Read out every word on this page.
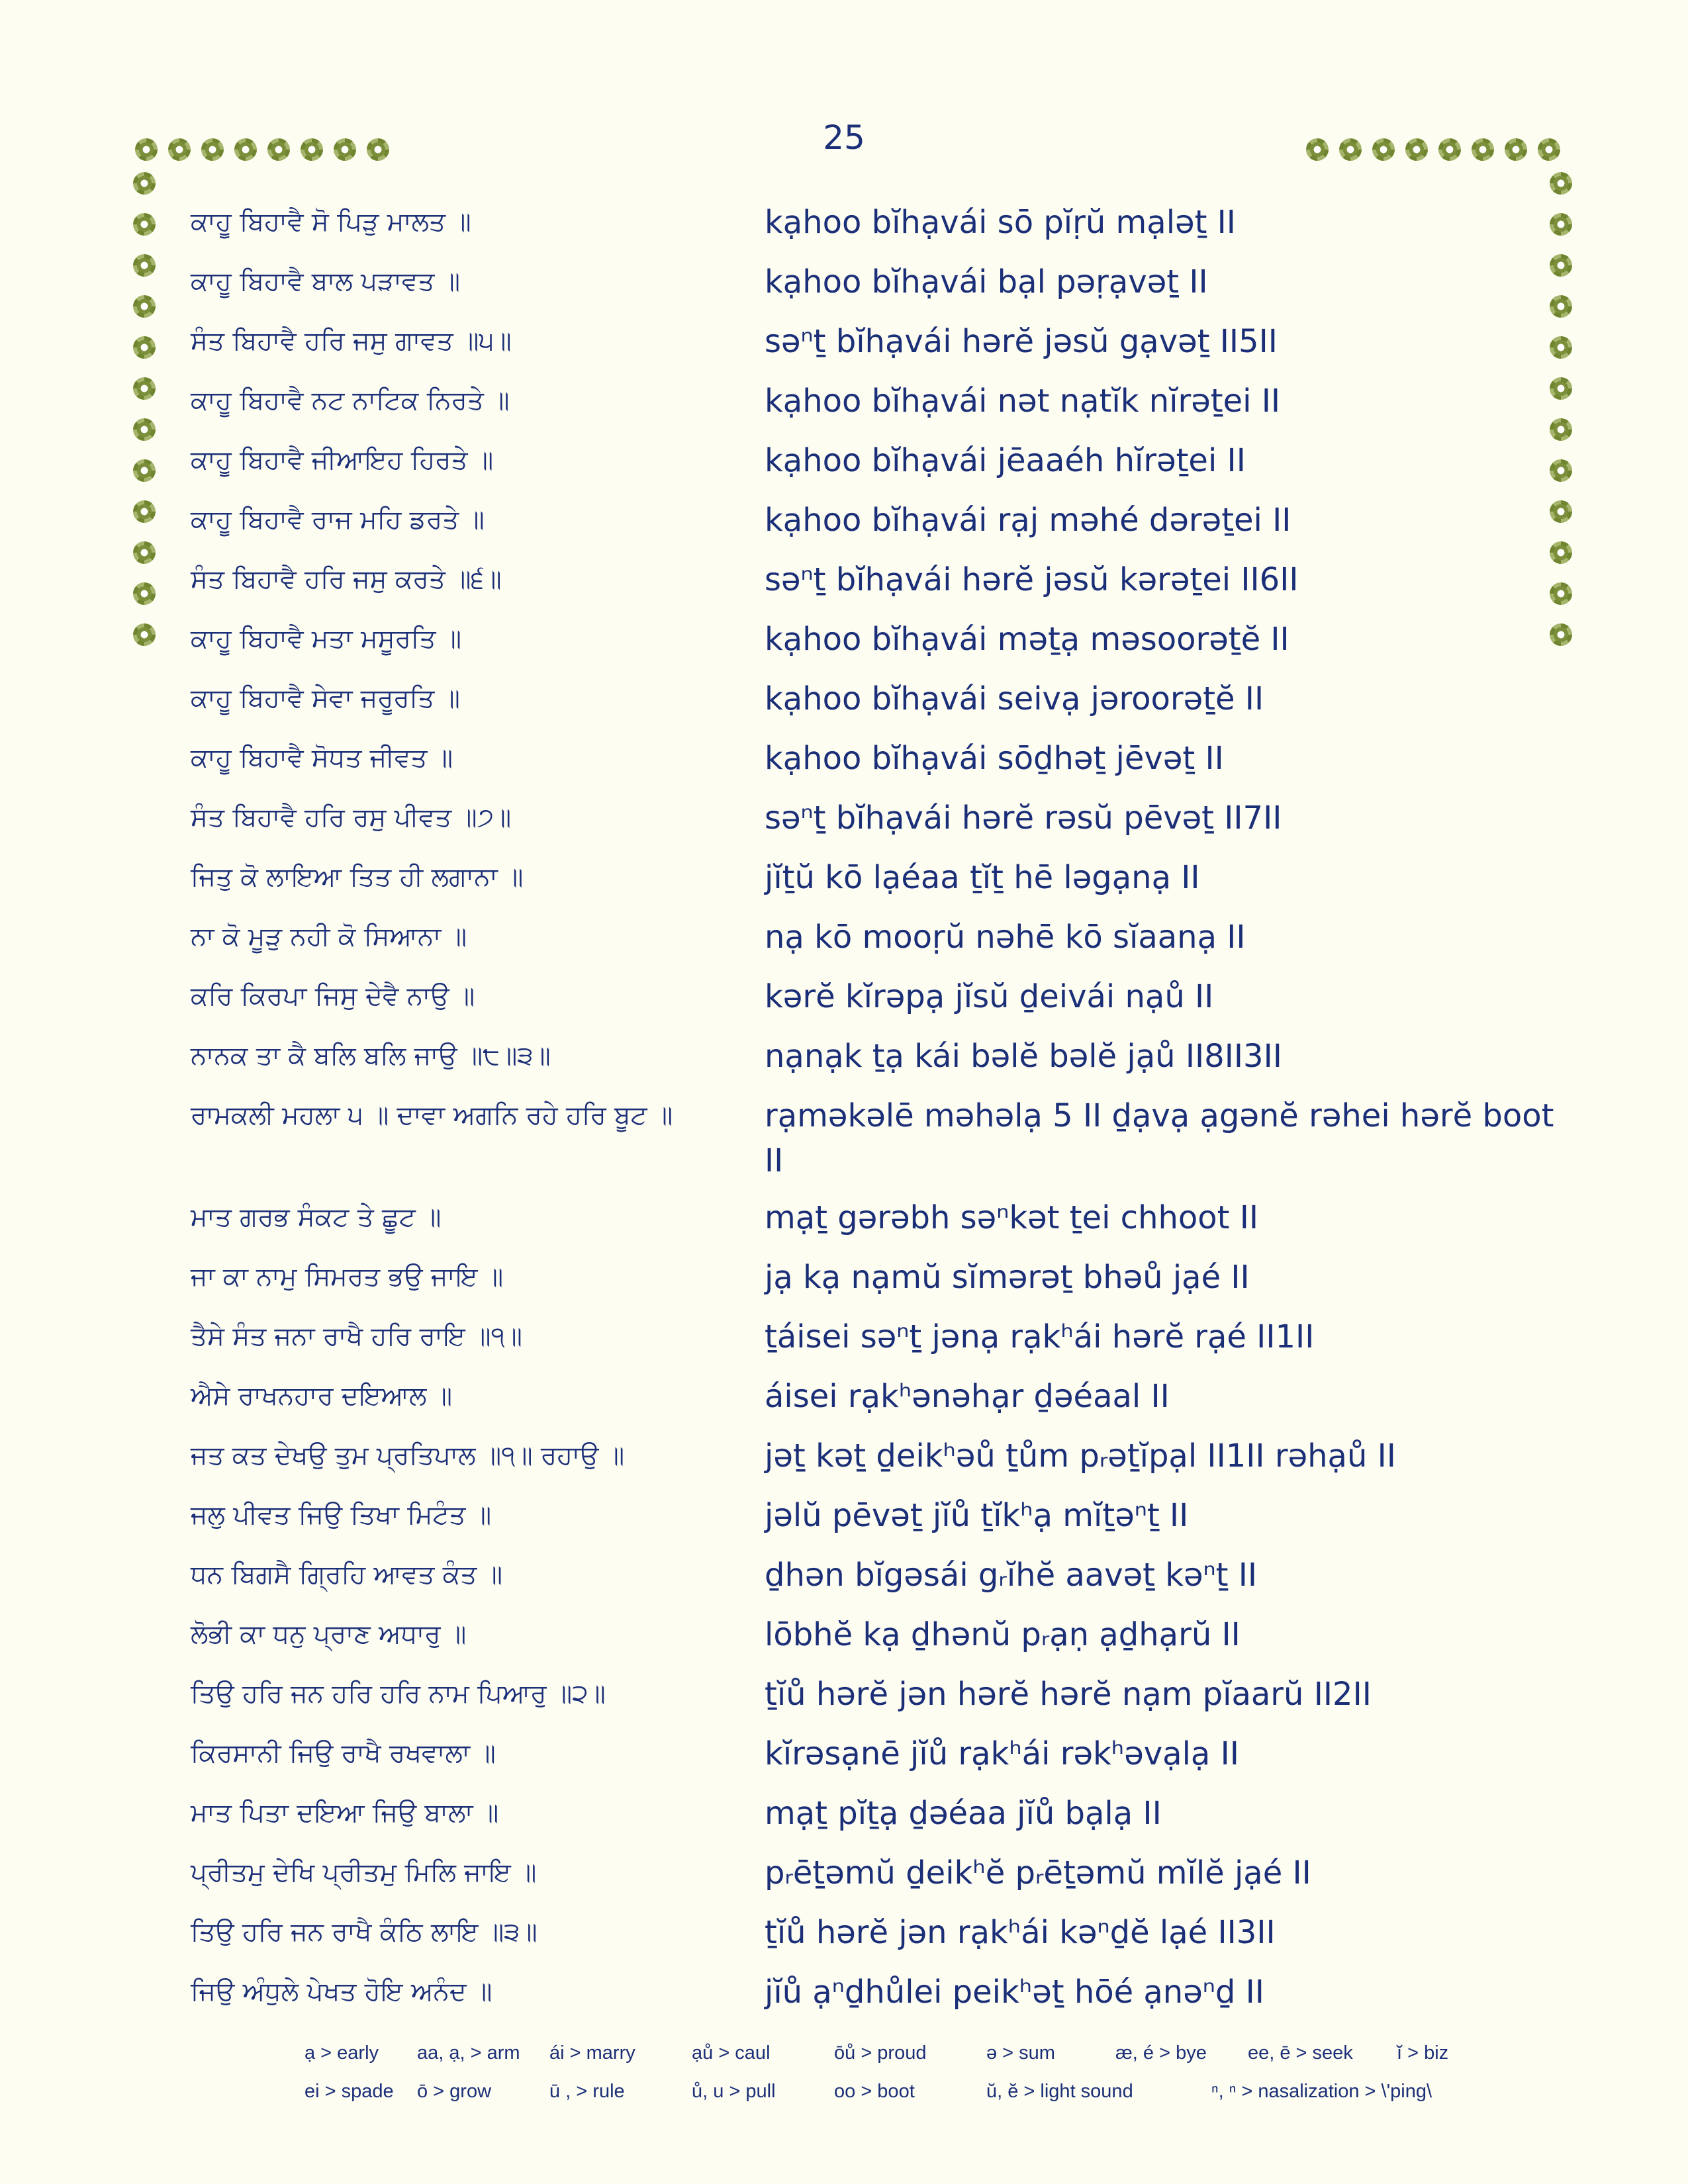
25
ਕਾਹੂ ਬਿਹਾਵੈ ਸੋ ਪਿੜੁ ਮਾਲਤ ॥	kạhoo bĭhạvái sō pĭṛŭ mạləṯ II
ਕਾਹੂ ਬਿਹਾਵੈ ਬਾਲ ਪੜਾਵਤ ॥	kạhoo bĭhạvái bạl pəṛạvəṯ II
ਸੰਤ ਬਿਹਾਵੈ ਹਰਿ ਜਸੁ ਗਾਵਤ ॥੫॥	səⁿṯ bĭhạvái hərĕ jəsŭ gạvəṯ II5II
ਕਾਹੂ ਬਿਹਾਵੈ ਨਟ ਨਾਟਿਕ ਨਿਰਤੇ ॥	kạhoo bĭhạvái nət nạtĭk nĭrəṯei II
ਕਾਹੂ ਬਿਹਾਵੈ ਜੀਆਇਹ ਹਿਰਤੇ ॥	kạhoo bĭhạvái jēaaéh hĭrəṯei II
ਕਾਹੂ ਬਿਹਾਵੈ ਰਾਜ ਮਹਿ ਡਰਤੇ ॥	kạhoo bĭhạvái rạj məhé dərəṯei II
ਸੰਤ ਬਿਹਾਵੈ ਹਰਿ ਜਸੁ ਕਰਤੇ ॥੬॥	səⁿṯ bĭhạvái hərĕ jəsŭ kərəṯei II6II
ਕਾਹੂ ਬਿਹਾਵੈ ਮਤਾ ਮਸੂਰਤਿ ॥	kạhoo bĭhạvái məṯạ məsoorəṯĕ II
ਕਾਹੂ ਬਿਹਾਵੈ ਸੇਵਾ ਜਰੂਰਤਿ ॥	kạhoo bĭhạvái seivạ jəroorəṯĕ II
ਕਾਹੂ ਬਿਹਾਵੈ ਸੋਧਤ ਜੀਵਤ ॥	kạhoo bĭhạvái sōḏhəṯ jēvəṯ II
ਸੰਤ ਬਿਹਾਵੈ ਹਰਿ ਰਸੁ ਪੀਵਤ ॥੭॥	səⁿṯ bĭhạvái hərĕ rəsŭ pēvəṯ II7II
ਜਿਤੁ ਕੋ ਲਾਇਆ ਤਿਤ ਹੀ ਲਗਾਨਾ ॥	jĭṯŭ kō lạéaa ṯĭṯ hē ləgạnạ II
ਨਾ ਕੋ ਮੂੜੁ ਨਹੀ ਕੋ ਸਿਆਨਾ ॥	nạ kō mooṛŭ nəhē kō sĭaanạ II
ਕਰਿ ਕਿਰਪਾ ਜਿਸੁ ਦੇਵੈ ਨਾਉ ॥	kərĕ kĭrəpạ jĭsŭ ḏeivái nạů II
ਨਾਨਕ ਤਾ ਕੈ ਬਲਿ ਬਲਿ ਜਾਉ ॥੮॥੩॥	nạnạk ṯạ kái bəlĕ bəlĕ jạů II8II3II
ਰਾਮਕਲੀ ਮਹਲਾ ੫ ॥ ਦਾਵਾ ਅਗਨਿ ਰਹੇ ਹਰਿ ਬੂਟ ॥	rạməkəlē məhəlạ 5 II ḏạvạ ạgənĕ rəhei hərĕ boot II
ਮਾਤ ਗਰਭ ਸੰਕਟ ਤੇ ਛੂਟ ॥	mạṯ gərəbh səⁿkət ṯei chhoot II
ਜਾ ਕਾ ਨਾਮੁ ਸਿਮਰਤ ਭਉ ਜਾਇ ॥	jạ kạ nạmŭ sĭmərəṯ bhəů jạé II
ਤੈਸੇ ਸੰਤ ਜਨਾ ਰਾਖੈ ਹਰਿ ਰਾਇ ॥੧॥	ṯáisei səⁿṯ jənạ rạkʰái hərĕ rạé II1II
ਐਸੇ ਰਾਖਨਹਾਰ ਦਇਆਲ ॥	áisei rạkʰənəhạr ḏəéaal II
ਜਤ ਕਤ ਦੇਖਉ ਤੁਮ ਪ੍ਰਤਿਪਾਲ ॥੧॥ ਰਹਾਉ ॥	jəṯ kəṯ ḏeikʰəů ṯům pᵣəṯĭpạl II1II rəhạů II
ਜਲੁ ਪੀਵਤ ਜਿਉ ਤਿਖਾ ਮਿਟੰਤ ॥	jəlŭ pēvəṯ jĭů ṯĭkʰạ mĭṯəⁿṯ II
ਧਨ ਬਿਗਸੈ ਗ੍ਰਿਹਿ ਆਵਤ ਕੰਤ ॥	ḏhən bĭgəsái gᵣĭhĕ aavəṯ kəⁿṯ II
ਲੋਭੀ ਕਾ ਧਨੁ ਪ੍ਰਾਣ ਅਧਾਰੁ ॥	lōbhĕ kạ ḏhənŭ pᵣạṇ ạḏhạrŭ II
ਤਿਉ ਹਰਿ ਜਨ ਹਰਿ ਹਰਿ ਨਾਮ ਪਿਆਰੁ ॥੨॥	ṯĭů hərĕ jən hərĕ hərĕ nạm pĭaarŭ II2II
ਕਿਰਸਾਨੀ ਜਿਉ ਰਾਖੈ ਰਖਵਾਲਾ ॥	kĭrəsạnē jĭů rạkʰái rəkʰəvạlạ II
ਮਾਤ ਪਿਤਾ ਦਇਆ ਜਿਉ ਬਾਲਾ ॥	mạṯ pĭṯạ ḏəéaa jĭů bạlạ II
ਪ੍ਰੀਤਮੁ ਦੇਖਿ ਪ੍ਰੀਤਮੁ ਮਿਲਿ ਜਾਇ ॥	pᵣēṯəmŭ ḏeikʰĕ pᵣēṯəmŭ mĭlĕ jạé II
ਤਿਉ ਹਰਿ ਜਨ ਰਾਖੈ ਕੰਠਿ ਲਾਇ ॥੩॥	ṯĭů hərĕ jən rạkʰái kəⁿḏĕ lạé II3II
ਜਿਉ ਅੰਧੁਲੇ ਪੇਖਤ ਹੋਇ ਅਨੰਦ ॥	jĭů ạⁿḏhůlei peikʰəṯ hōé ạnəⁿḏ II
ạ > early aa, ạ, > arm ái > marry	ạů > caul	ōů > proud	ə > sum	æ, é > bye ee, ē > seek ĭ > biz
ei > spade ō > grow	ū , > rule	ů, u > pull	oo > boot	ŭ, ĕ > light sound	ⁿ, ⁿ > nasalization > \'ping\
